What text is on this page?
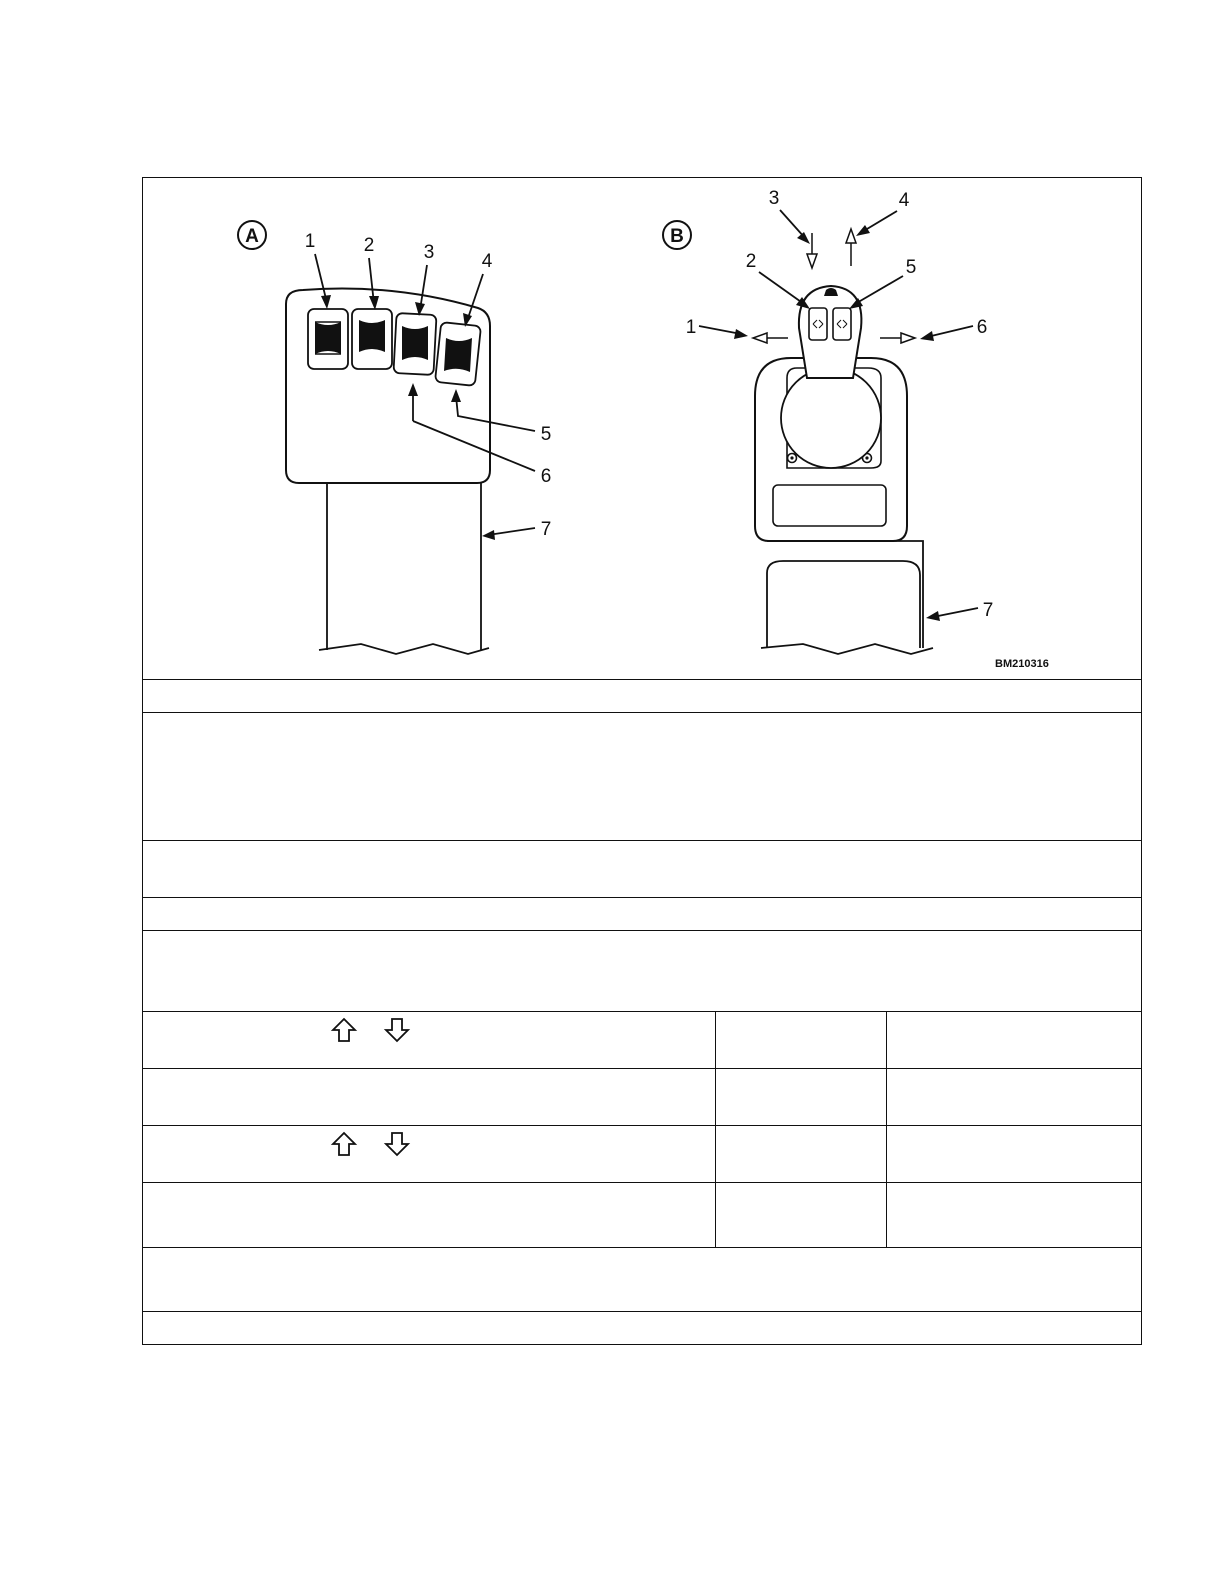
A 1	2	3 4
5
6
7
B
3	4
2	5
1	6
7
BM210316
